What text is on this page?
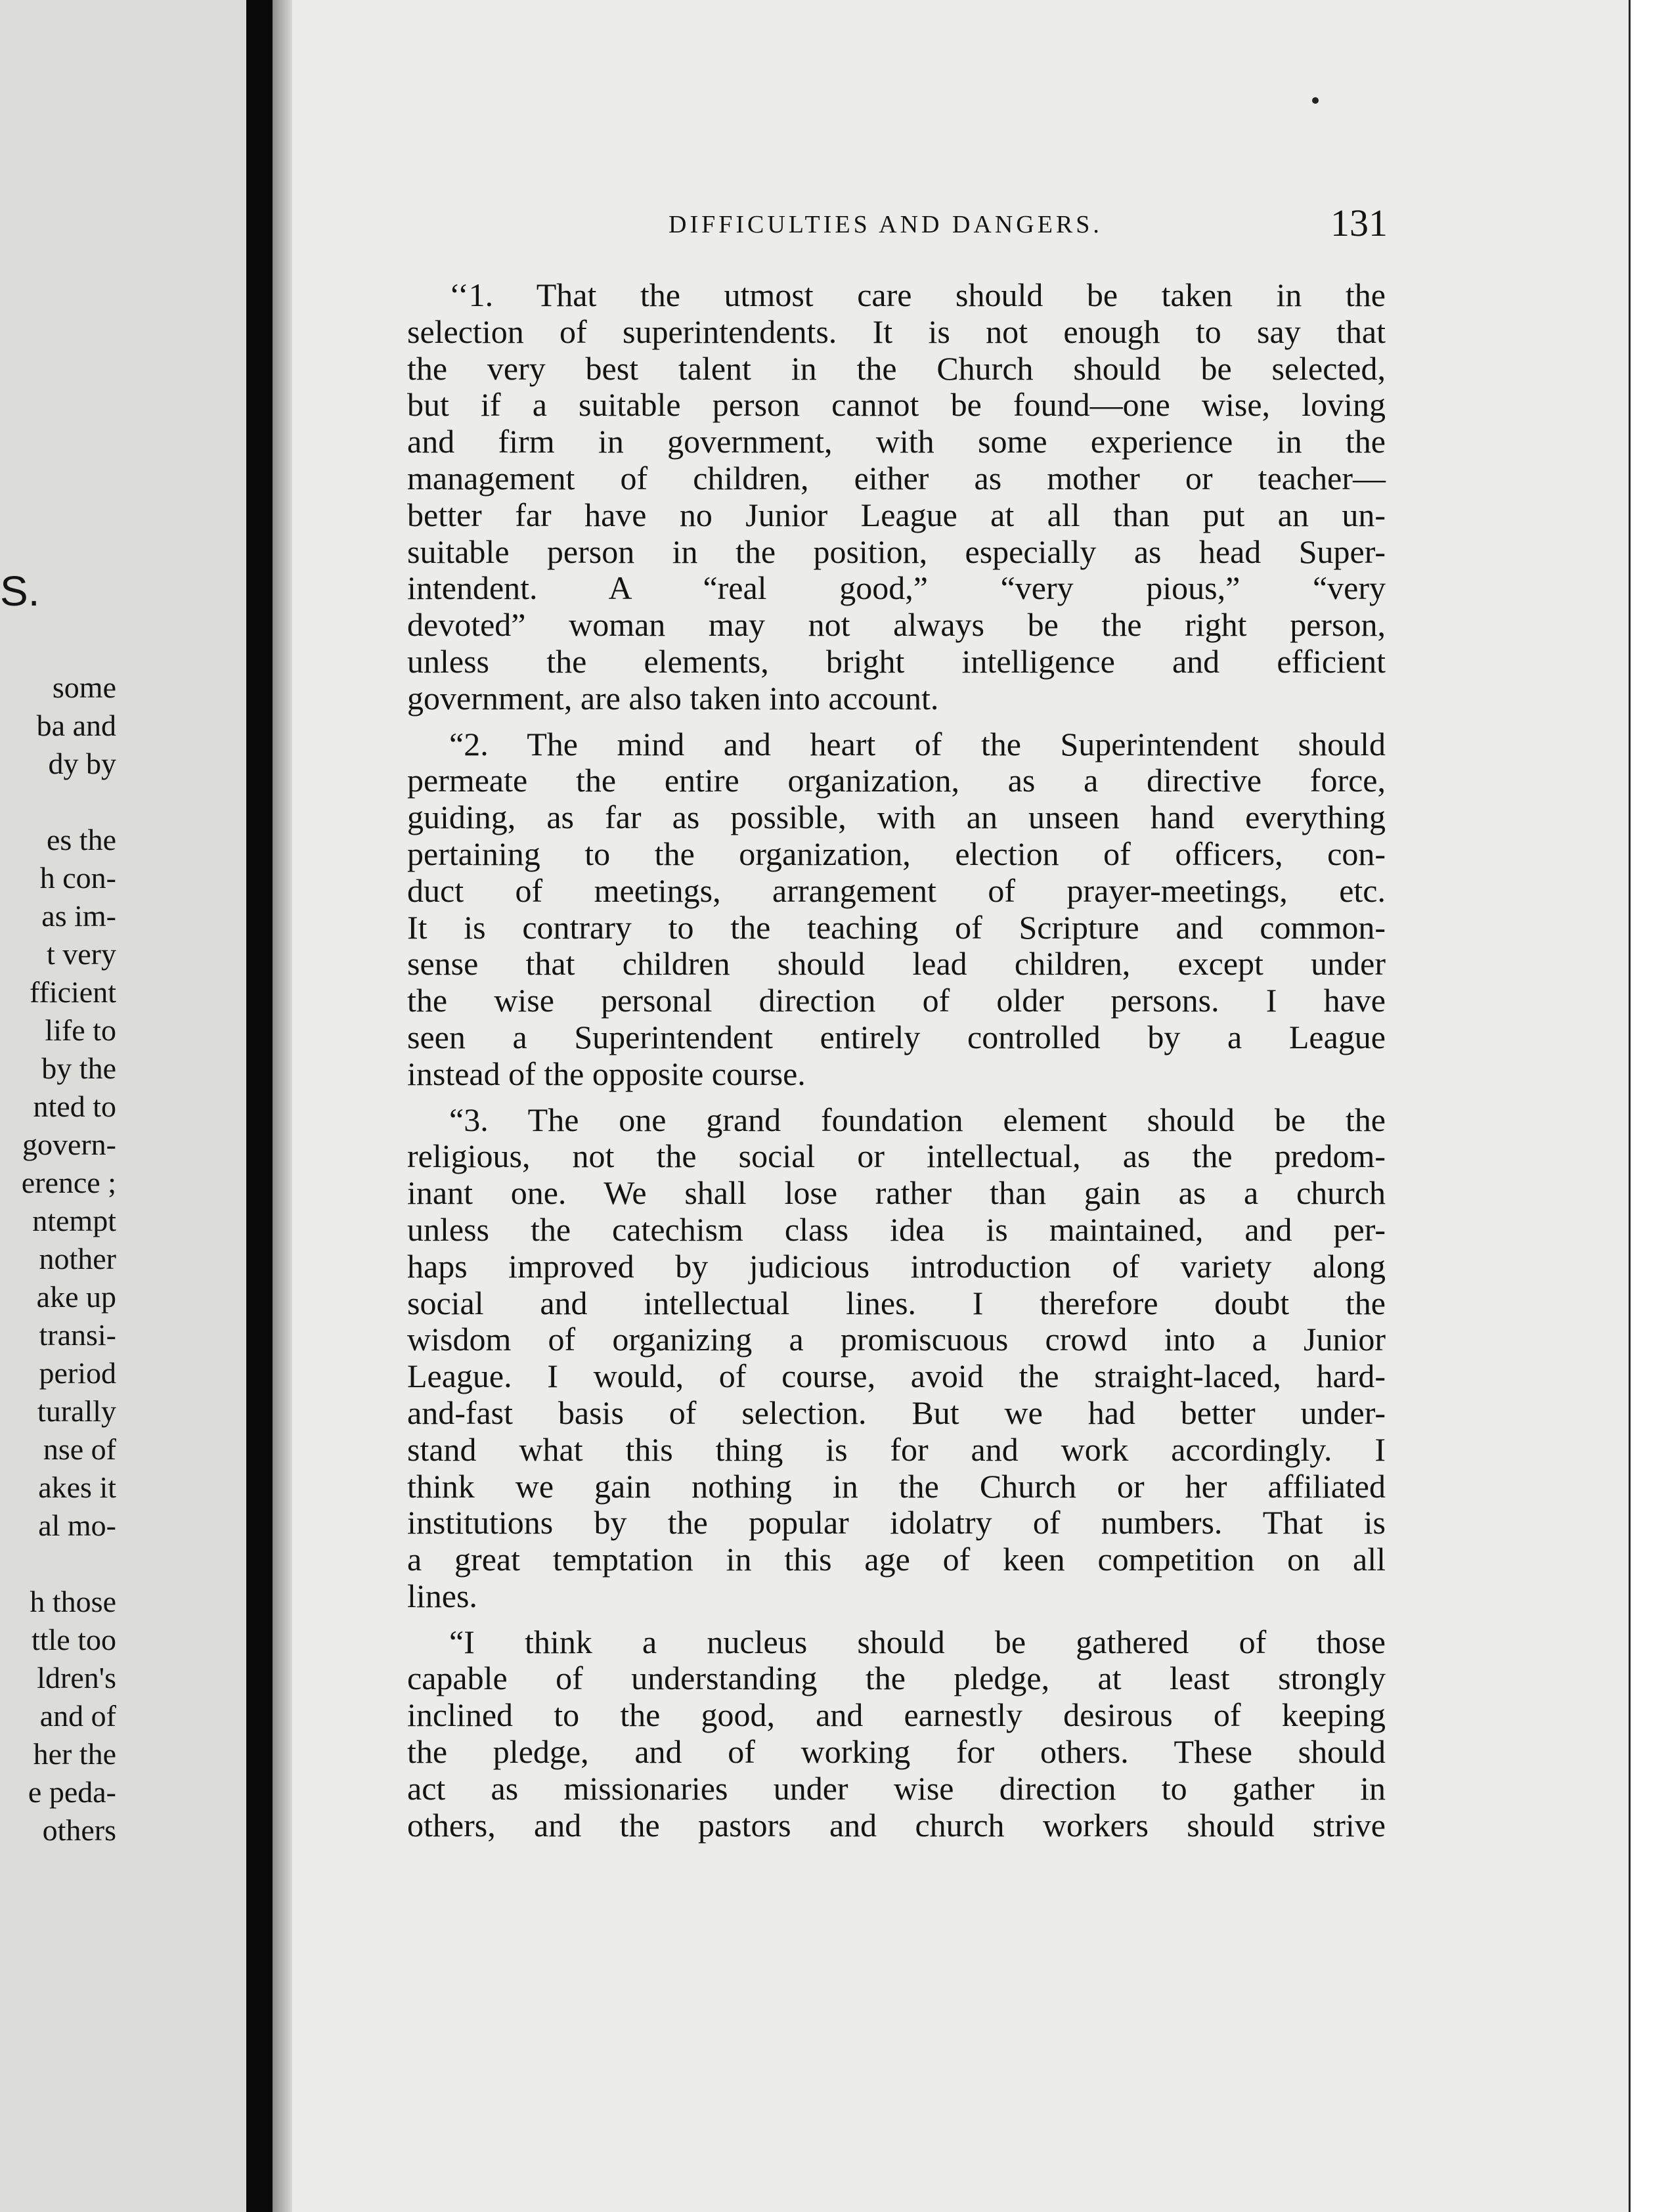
S.
some
ba and
dy by
es the
h con-
as im-
t very
fficient
life to
by the
nted to
govern-
erence ;
ntempt
nother
ake up
transi-
period
turally
nse of
akes it
al mo-
h those
ttle too
ldren's
and of
her the
e peda-
others
DIFFICULTIES AND DANGERS.	131
‘‘1. That the utmost care should be taken in the
selection of superintendents. It is not enough to say that
the very best talent in the Church should be selected,
but if a suitable person cannot be found—one wise, loving
and firm in government, with some experience in the
management of children, either as mother or teacher—
better far have no Junior League at all than put an un-
suitable person in the position, especially as head Super-
intendent. A “real good,” “very pious,” “very
devoted” woman may not always be the right person,
unless the elements, bright intelligence and efficient
government, are also taken into account.
“2. The mind and heart of the Superintendent should
permeate the entire organization, as a directive force,
guiding, as far as possible, with an unseen hand everything
pertaining to the organization, election of officers, con-
duct of meetings, arrangement of prayer-meetings, etc.
It is contrary to the teaching of Scripture and common-
sense that children should lead children, except under
the wise personal direction of older persons. I have
seen a Superintendent entirely controlled by a League
instead of the opposite course.
“3. The one grand foundation element should be the
religious, not the social or intellectual, as the predom-
inant one. We shall lose rather than gain as a church
unless the catechism class idea is maintained, and per-
haps improved by judicious introduction of variety along
social and intellectual lines. I therefore doubt the
wisdom of organizing a promiscuous crowd into a Junior
League. I would, of course, avoid the straight-laced, hard-
and-fast basis of selection. But we had better under-
stand what this thing is for and work accordingly. I
think we gain nothing in the Church or her affiliated
institutions by the popular idolatry of numbers. That is
a great temptation in this age of keen competition on all
lines.
“I think a nucleus should be gathered of those
capable of understanding the pledge, at least strongly
inclined to the good, and earnestly desirous of keeping
the pledge, and of working for others. These should
act as missionaries under wise direction to gather in
others, and the pastors and church workers should strive
